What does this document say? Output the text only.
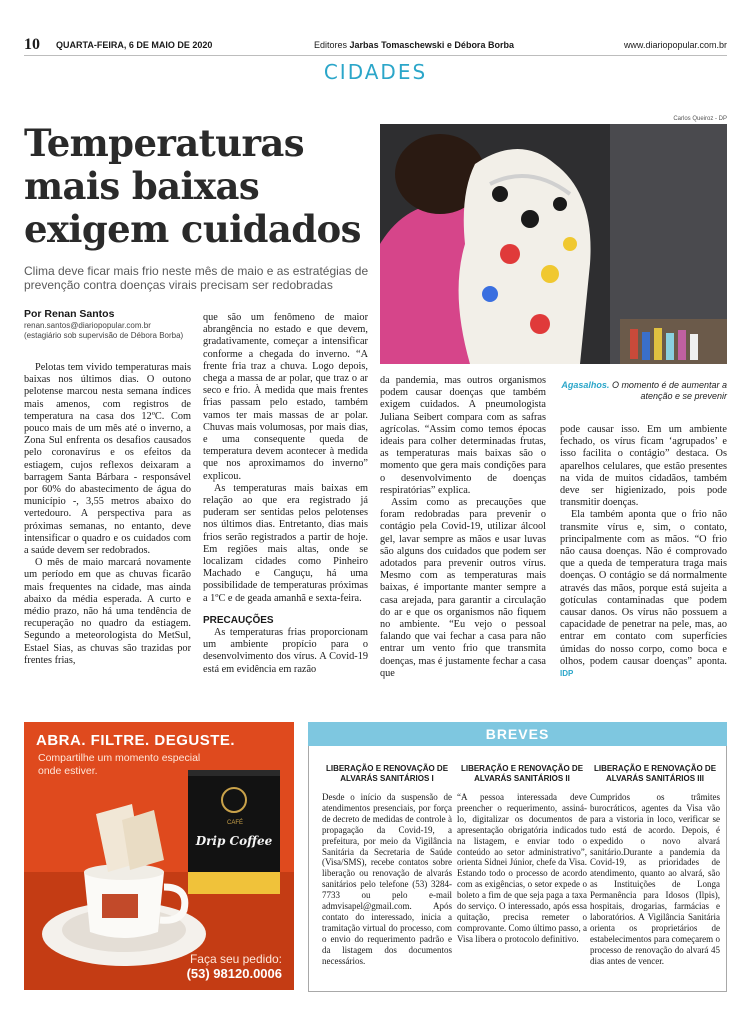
10 QUARTA-FEIRA, 6 DE MAIO DE 2020	Editores Jarbas Tomaschewski e Débora Borba	www.diariopopular.com.br
CIDADES
Carlos Queiroz - DP
Temperaturas mais baixas exigem cuidados
Clima deve ficar mais frio neste mês de maio e as estratégias de prevenção contra doenças virais precisam ser redobradas
Por Renan Santos
renan.santos@diariopopular.com.br
(estagiário sob supervisão de Débora Borba)
Agasalhos. O momento é de aumentar a atenção e se prevenir

Pelotas tem vivido temperaturas mais baixas nos últimos dias. O outono pelotense marcou nesta semana índices mais amenos, com registros de temperatura na casa dos 12ºC. Com pouco mais de um mês até o inverno, a Zona Sul enfrenta os desafios causados pelo coronavírus e os efeitos da estiagem, cujos reflexos deixaram a barragem Santa Bárbara - responsável por 60% do abastecimento de água do município -, 3,55 metros abaixo do vertedouro. A perspectiva para as próximas semanas, no entanto, deve intensificar o quadro e os cuidados com a saúde devem ser redobrados.

O mês de maio marcará novamente um período em que as chuvas ficarão mais frequentes na cidade, mas ainda abaixo da média esperada. A curto e médio prazo, não há uma tendência de recuperação no quadro da estiagem. Segundo a meteorologista do MetSul, Estael Sias, as chuvas são trazidas por frentes frias,

que são um fenômeno de maior abrangência no estado e que devem, gradativamente, começar a intensificar conforme a chegada do inverno. “A frente fria traz a chuva. Logo depois, chega a massa de ar polar, que traz o ar seco e frio. À medida que mais frentes frias passam pelo estado, também vamos ter mais massas de ar polar. Chuvas mais volumosas, por mais dias, e uma consequente queda de temperatura devem acontecer à medida que nos aproximamos do inverno” explicou.

As temperaturas mais baixas em relação ao que era registrado já puderam ser sentidas pelos pelotenses nos últimos dias. Entretanto, dias mais frios serão registrados a partir de hoje. Em regiões mais altas, onde se localizam cidades como Pinheiro Machado e Canguçu, há uma possibilidade de temperaturas próximas a 1ºC e de geada amanhã e sexta-feira.

PRECAUÇÕES

As temperaturas frias proporcionam um ambiente propício para o desenvolvimento dos vírus. A Covid-19 está em evidência em razão

da pandemia, mas outros organismos podem causar doenças que também exigem cuidados. A pneumologista Juliana Seibert compara com as safras agrícolas. “Assim como temos épocas ideais para colher determinadas frutas, as temperaturas mais baixas são o momento que gera mais condições para o desenvolvimento de doenças respiratórias” explica.

Assim como as precauções que foram redobradas para prevenir o contágio pela Covid-19, utilizar álcool gel, lavar sempre as mãos e usar luvas são alguns dos cuidados que podem ser adotados para prevenir outros vírus. Mesmo com as temperaturas mais baixas, é importante manter sempre a casa arejada, para garantir a circulação do ar e que os organismos não fiquem no ambiente. “Eu vejo o pessoal falando que vai fechar a casa para não entrar um vento frio que transmita doenças, mas é justamente fechar a casa que

pode causar isso. Em um ambiente fechado, os vírus ficam ‘agrupados’ e isso facilita o contágio” destaca. Os aparelhos celulares, que estão presentes na vida de muitos cidadãos, também deve ser higienizado, pois pode transmitir doenças.

Ela também aponta que o frio não transmite vírus e, sim, o contato, principalmente com as mãos. “O frio não causa doenças. Não é comprovado que a queda de temperatura traga mais doenças. O contágio se dá normalmente através das mãos, porque está sujeita a gotículas contaminadas que podem causar danos. Os vírus não possuem a capacidade de penetrar na pele, mas, ao entrar em contato com superfícies úmidas do nosso corpo, como boca e olhos, podem causar doenças” aponta. IDP

ABRA. FILTRE. DEGUSTE.
Compartilhe um momento especial onde estiver.
CAFÉ
Drip Coffee
Faça seu pedido:
(53) 98120.0006
BREVES
LIBERAÇÃO E RENOVAÇÃO DE ALVARÁS SANITÁRIOS I
Desde o início da suspensão de atendimentos presenciais, por força de decreto de medidas de controle à propagação da Covid-19, a prefeitura, por meio da Vigilância Sanitária da Secretaria de Saúde (Visa/SMS), recebe contatos sobre liberação ou renovação de alvarás sanitários pelo telefone (53) 3284-7733 ou pelo e-mail admvisapel@gmail.com. Após contato do interessado, inicia a tramitação virtual do processo, com o envio do requerimento padrão e da listagem dos documentos necessários.
LIBERAÇÃO E RENOVAÇÃO DE ALVARÁS SANITÁRIOS II
“A pessoa interessada deve preencher o requerimento, assiná-lo, digitalizar os documentos de apresentação obrigatória indicados na listagem, e enviar todo o conteúdo ao setor administrativo”, orienta Sidnei Júnior, chefe da Visa. Estando todo o processo de acordo com as exigências, o setor expede o boleto a fim de que seja paga a taxa do serviço. O interessado, após essa quitação, precisa remeter o comprovante. Como último passo, a Visa libera o protocolo definitivo.
LIBERAÇÃO E RENOVAÇÃO DE ALVARÁS SANITÁRIOS III
Cumpridos os trâmites burocráticos, agentes da Visa vão para a vistoria in loco, verificar se tudo está de acordo. Depois, é expedido o novo alvará sanitário.Durante a pandemia da Covid-19, as prioridades de atendimento, quanto ao alvará, são as Instituições de Longa Permanência para Idosos (Ilpis), hospitais, drogarias, farmácias e laboratórios. A Vigilância Sanitária orienta os proprietários de estabelecimentos para começarem o processo de renovação do alvará 45 dias antes de vencer.
